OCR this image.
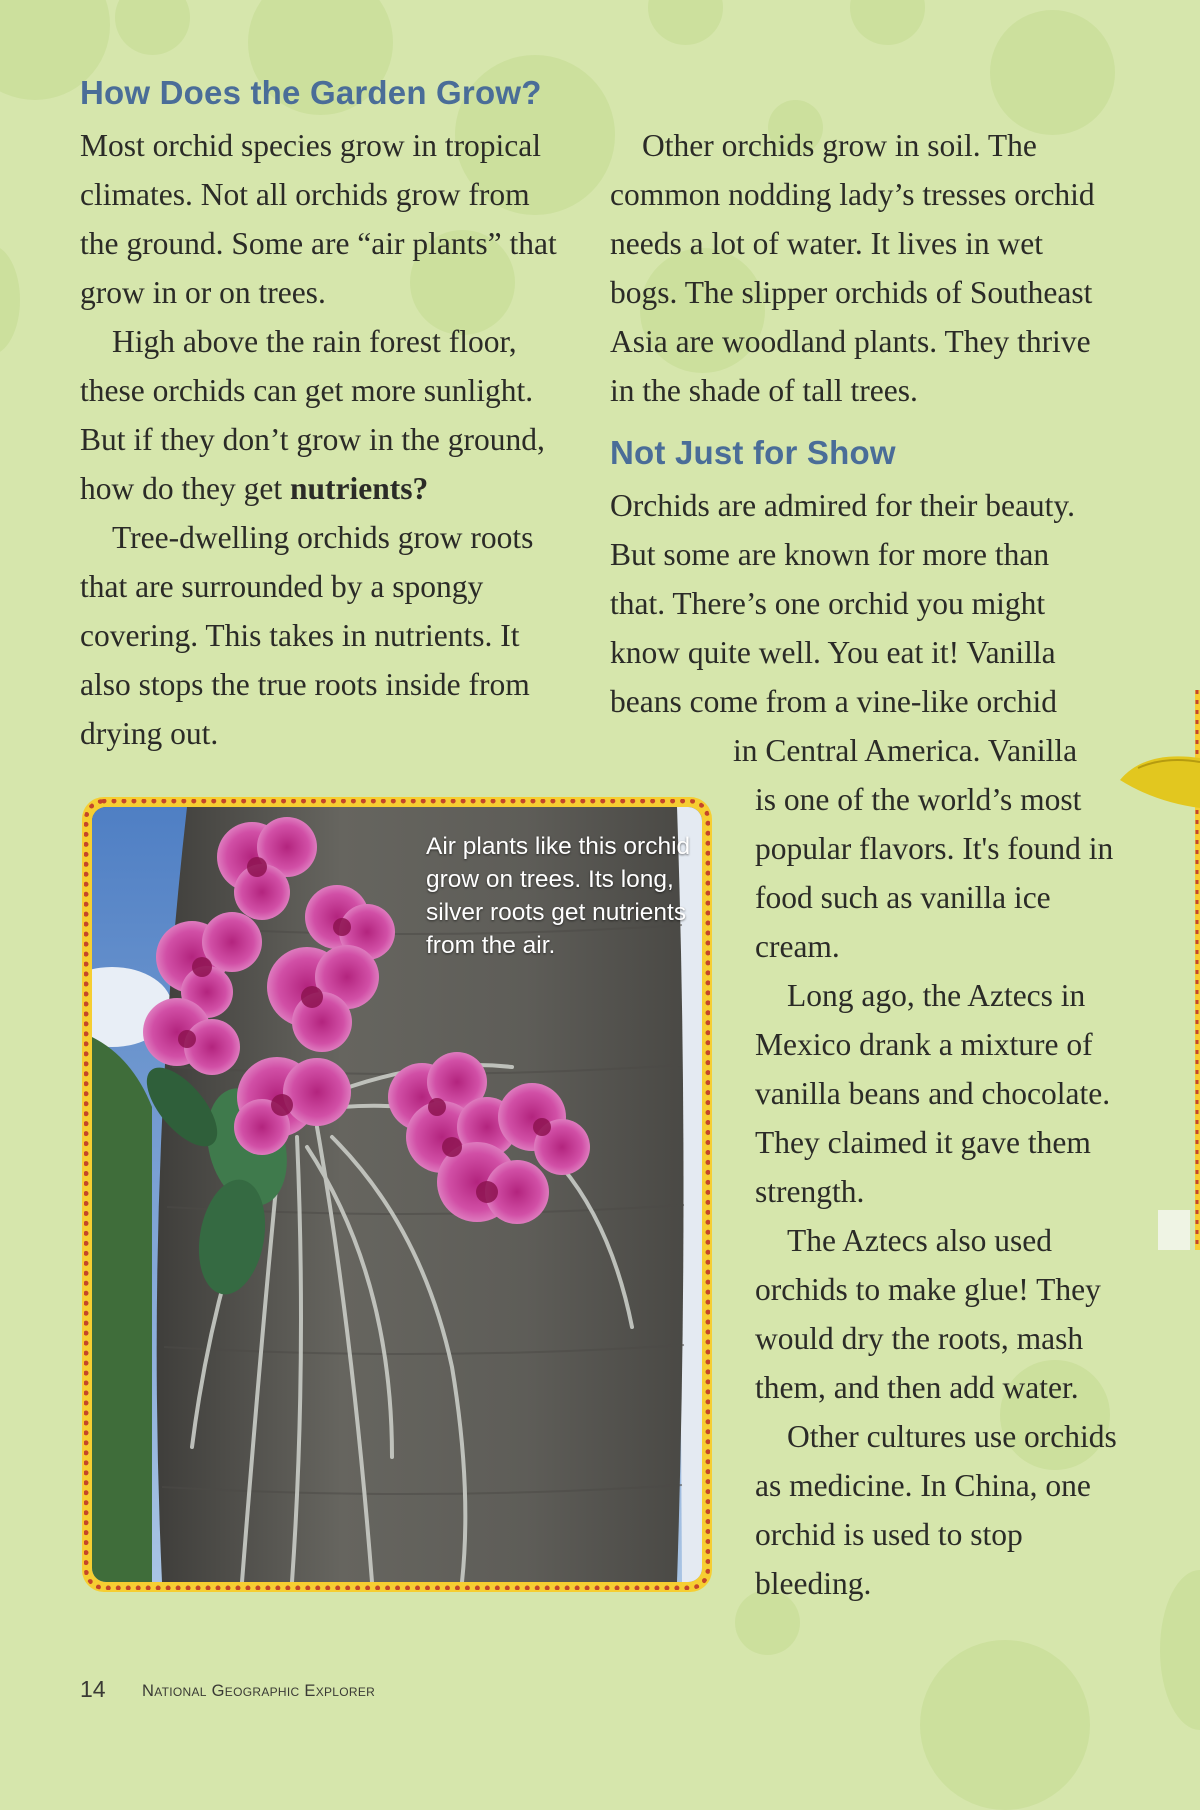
How Does the Garden Grow?

Most orchid species grow in tropical climates. Not all orchids grow from the ground. Some are “air plants” that grow in or on trees.

High above the rain forest floor, these orchids can get more sunlight. But if they don’t grow in the ground, how do they get nutrients?

Tree-dwelling orchids grow roots that are surrounded by a spongy covering. This takes in nutrients. It also stops the true roots inside from drying out.

Other orchids grow in soil. The common nodding lady’s tresses orchid needs a lot of water. It lives in wet bogs. The slipper orchids of Southeast Asia are woodland plants. They thrive in the shade of tall trees.

Not Just for Show

Orchids are admired for their beauty. But some are known for more than that. There’s one orchid you might know quite well. You eat it! Vanilla beans come from a vine-like orchid

in Central America. Vanilla

is one of the world’s most popular flavors. It's found in food such as vanilla ice cream.

Long ago, the Aztecs in Mexico drank a mixture of vanilla beans and chocolate. They claimed it gave them strength.

The Aztecs also used orchids to make glue! They would dry the roots, mash them, and then add water.

Other cultures use orchids as medicine. In China, one orchid is used to stop bleeding.

Air plants like this orchid grow on trees. Its long, silver roots get nutrients from the air.

14 National Geographic Explorer
